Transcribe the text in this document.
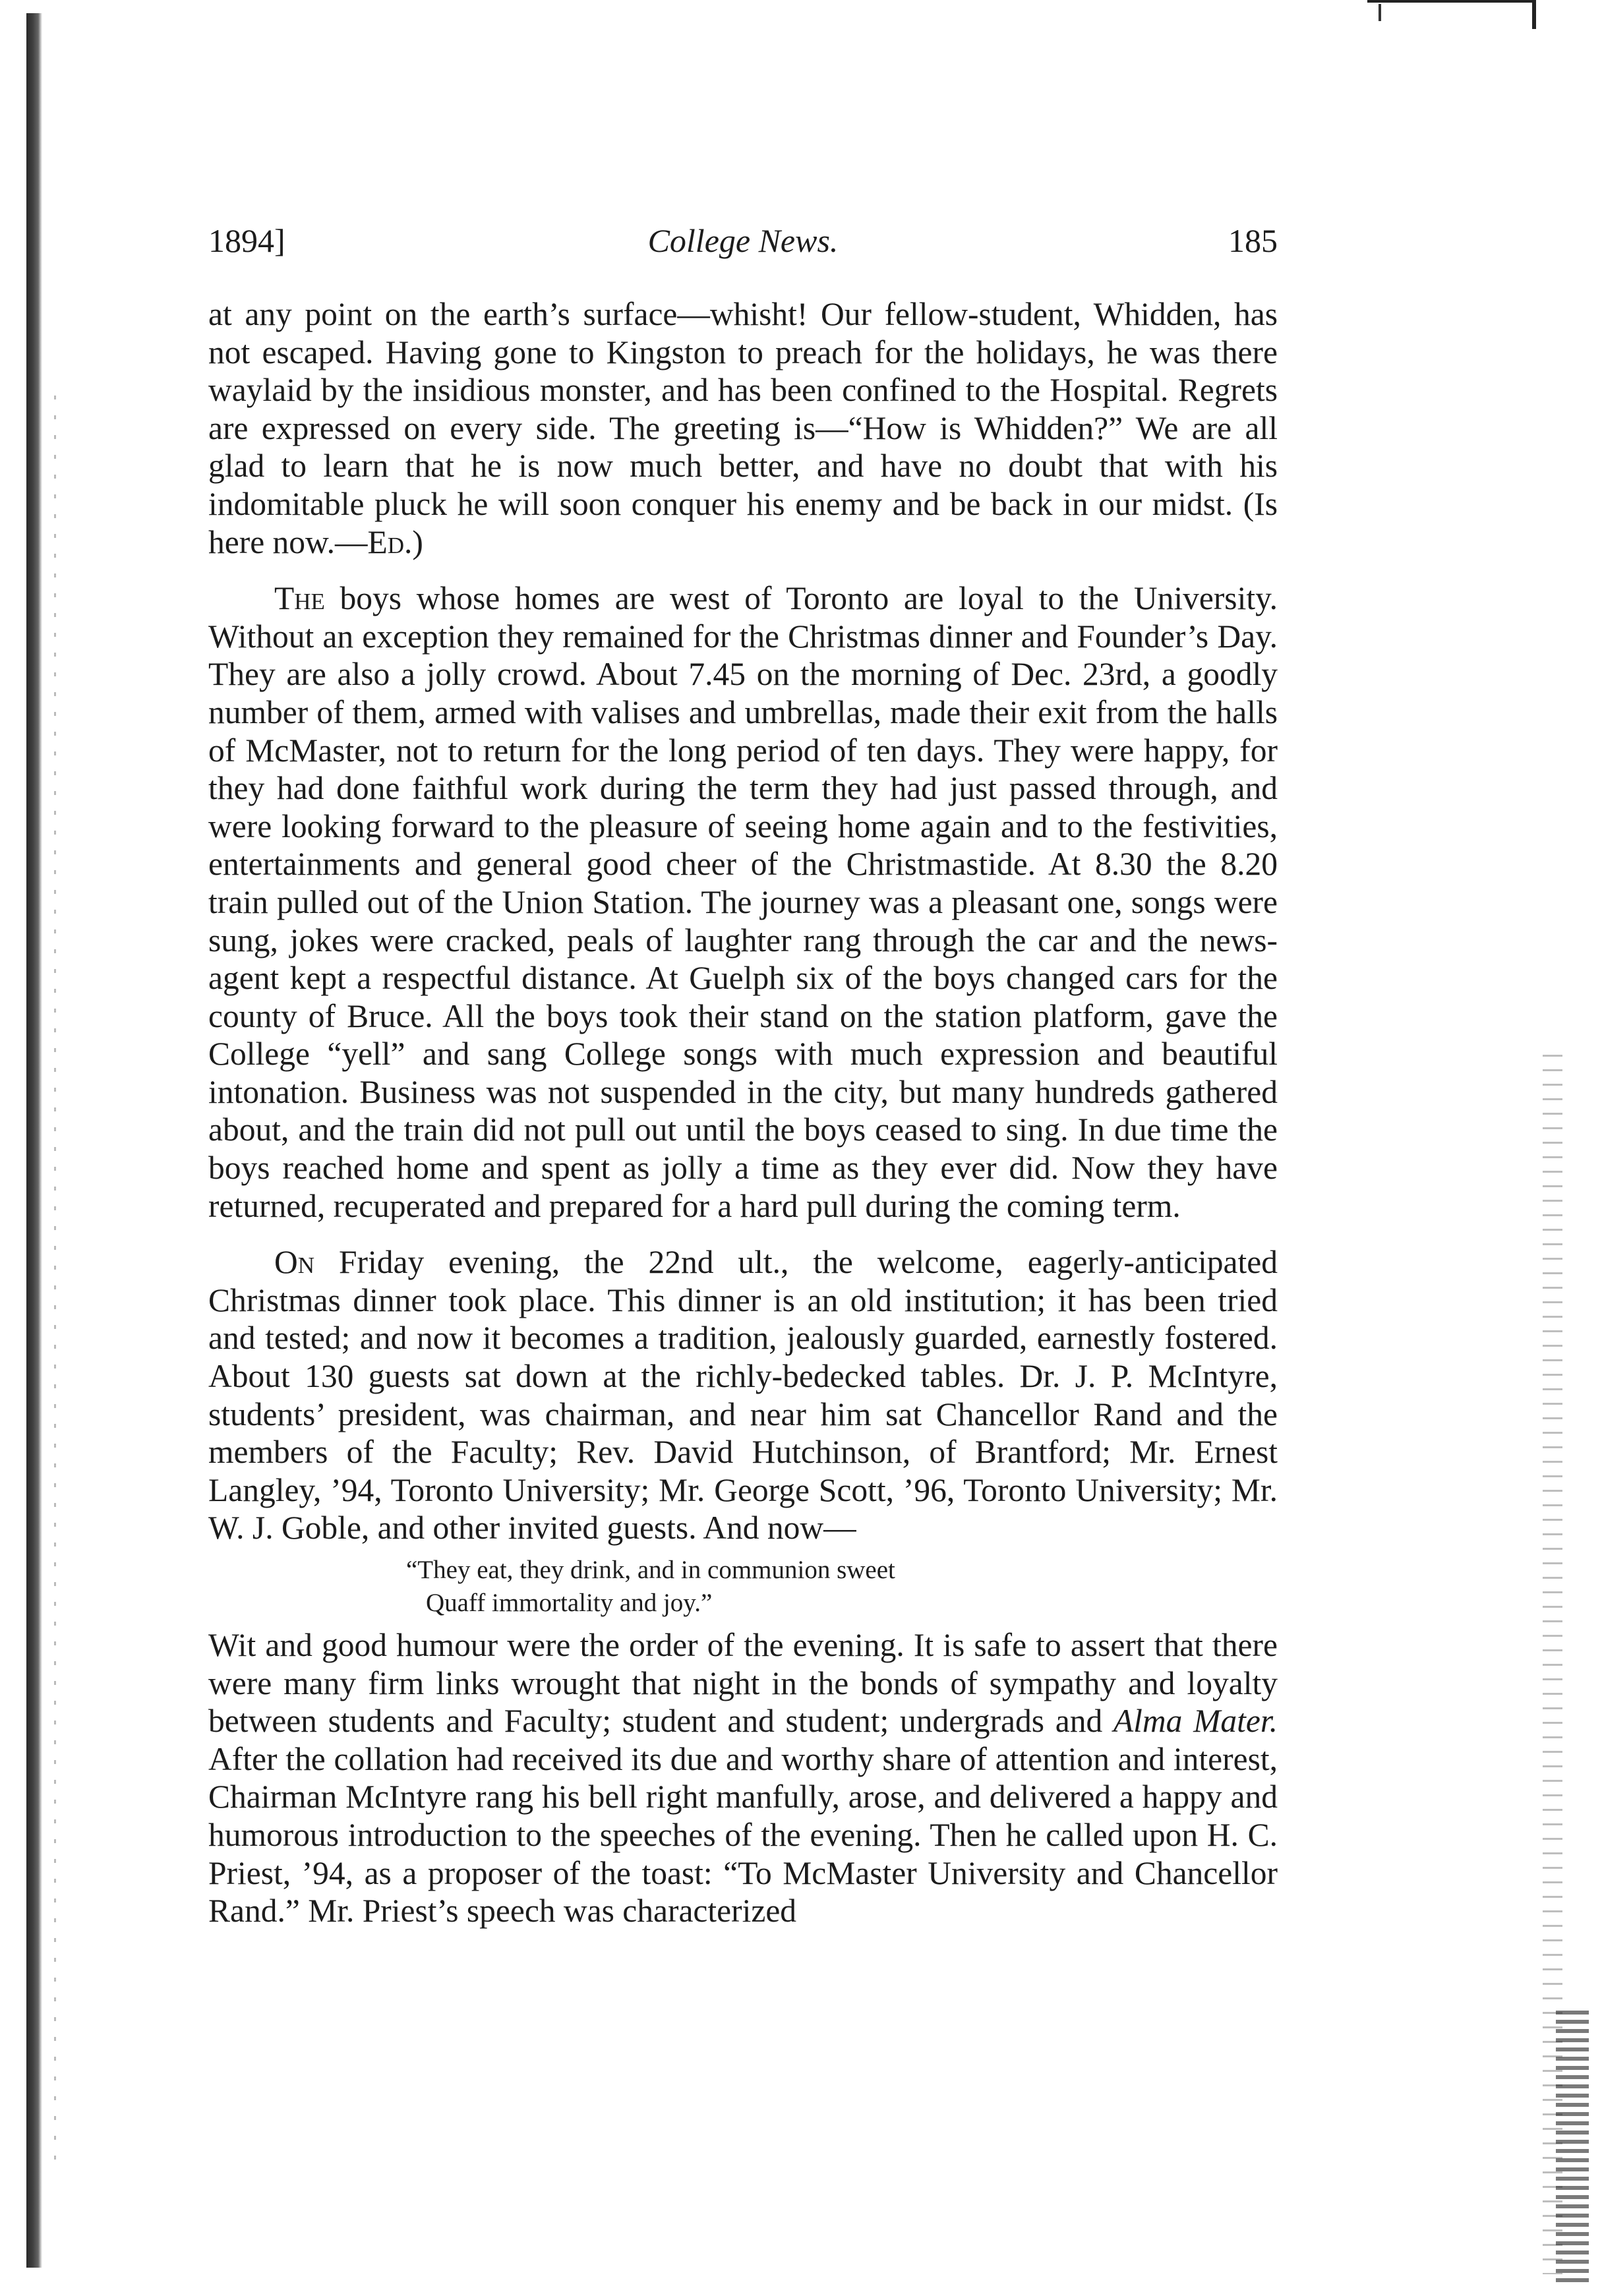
1894]	College News.	185

at any point on the earth’s surface—whisht! Our fellow-student, Whidden, has not escaped. Having gone to Kingston to preach for the holidays, he was there waylaid by the insidious monster, and has been confined to the Hospital. Regrets are expressed on every side. The greeting is—“How is Whidden?” We are all glad to learn that he is now much better, and have no doubt that with his indomitable pluck he will soon conquer his enemy and be back in our midst. (Is here now.—Ed.)

The boys whose homes are west of Toronto are loyal to the University. Without an exception they remained for the Christmas dinner and Founder’s Day. They are also a jolly crowd. About 7.45 on the morning of Dec. 23rd, a goodly number of them, armed with valises and umbrellas, made their exit from the halls of McMaster, not to return for the long period of ten days. They were happy, for they had done faithful work during the term they had just passed through, and were looking forward to the pleasure of seeing home again and to the festivities, entertainments and general good cheer of the Christmastide. At 8.30 the 8.20 train pulled out of the Union Station. The journey was a pleasant one, songs were sung, jokes were cracked, peals of laughter rang through the car and the news-agent kept a respectful distance. At Guelph six of the boys changed cars for the county of Bruce. All the boys took their stand on the station platform, gave the College “yell” and sang College songs with much expression and beautiful intonation. Business was not suspended in the city, but many hundreds gathered about, and the train did not pull out until the boys ceased to sing. In due time the boys reached home and spent as jolly a time as they ever did. Now they have returned, recuperated and prepared for a hard pull during the coming term.

On Friday evening, the 22nd ult., the welcome, eagerly-anticipated Christmas dinner took place. This dinner is an old institution; it has been tried and tested; and now it becomes a tradition, jealously guarded, earnestly fostered. About 130 guests sat down at the richly-bedecked tables. Dr. J. P. McIntyre, students’ president, was chairman, and near him sat Chancellor Rand and the members of the Faculty; Rev. David Hutchinson, of Brantford; Mr. Ernest Langley, ’94, Toronto University; Mr. George Scott, ’96, Toronto University; Mr. W. J. Goble, and other invited guests. And now—

“They eat, they drink, and in communion sweet
Quaff immortality and joy.”

Wit and good humour were the order of the evening. It is safe to assert that there were many firm links wrought that night in the bonds of sympathy and loyalty between students and Faculty; student and student; undergrads and Alma Mater. After the collation had received its due and worthy share of attention and interest, Chairman McIntyre rang his bell right manfully, arose, and delivered a happy and humorous introduction to the speeches of the evening. Then he called upon H. C. Priest, ’94, as a proposer of the toast: “To McMaster University and Chancellor Rand.” Mr. Priest’s speech was characterized
